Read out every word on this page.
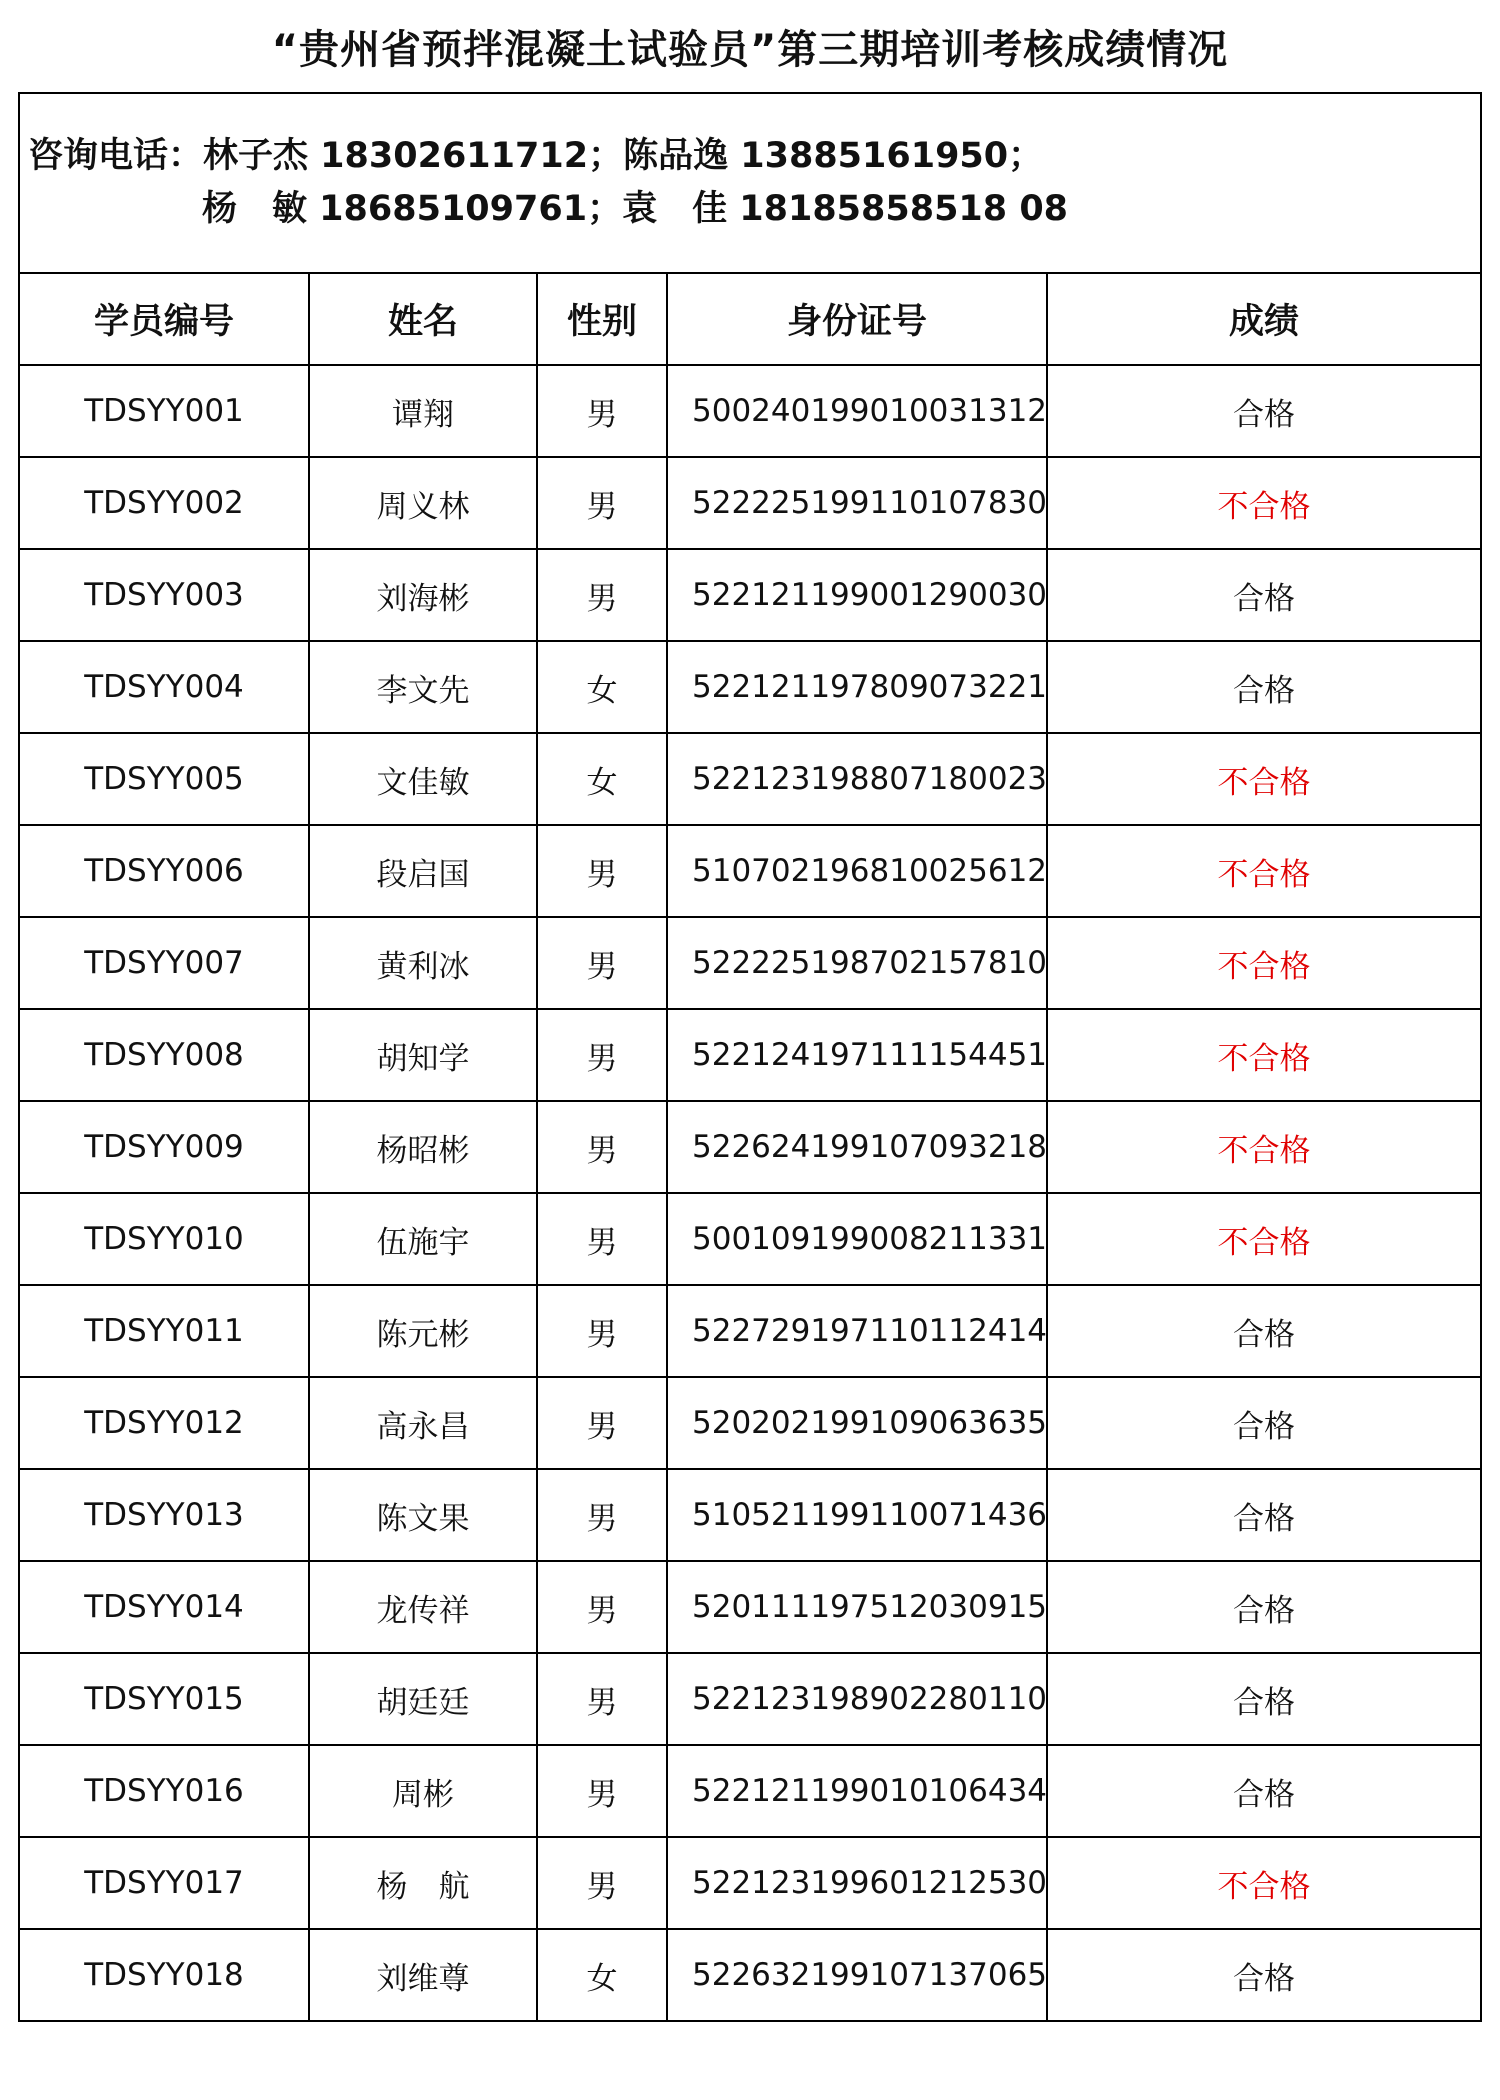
“贵州省预拌混凝土试验员”第三期培训考核成绩情况
咨询电话：林子杰 18302611712；陈品逸 13885161950；
杨　敏 18685109761；袁　佳 18185858518 08				

学员编号	姓名	性别	身份证号	成绩
TDSYY001	谭翔	男	500240199010031312	合格
TDSYY002	周义林	男	522225199110107830	不合格
TDSYY003	刘海彬	男	522121199001290030	合格
TDSYY004	李文先	女	522121197809073221	合格
TDSYY005	文佳敏	女	522123198807180023	不合格
TDSYY006	段启国	男	510702196810025612	不合格
TDSYY007	黄利冰	男	522225198702157810	不合格
TDSYY008	胡知学	男	522124197111154451	不合格
TDSYY009	杨昭彬	男	522624199107093218	不合格
TDSYY010	伍施宇	男	500109199008211331	不合格
TDSYY011	陈元彬	男	522729197110112414	合格
TDSYY012	高永昌	男	520202199109063635	合格
TDSYY013	陈文果	男	510521199110071436	合格
TDSYY014	龙传祥	男	520111197512030915	合格
TDSYY015	胡廷廷	男	522123198902280110	合格
TDSYY016	周彬	男	522121199010106434	合格
TDSYY017	杨　航	男	522123199601212530	不合格
TDSYY018	刘维尊	女	522632199107137065	合格
